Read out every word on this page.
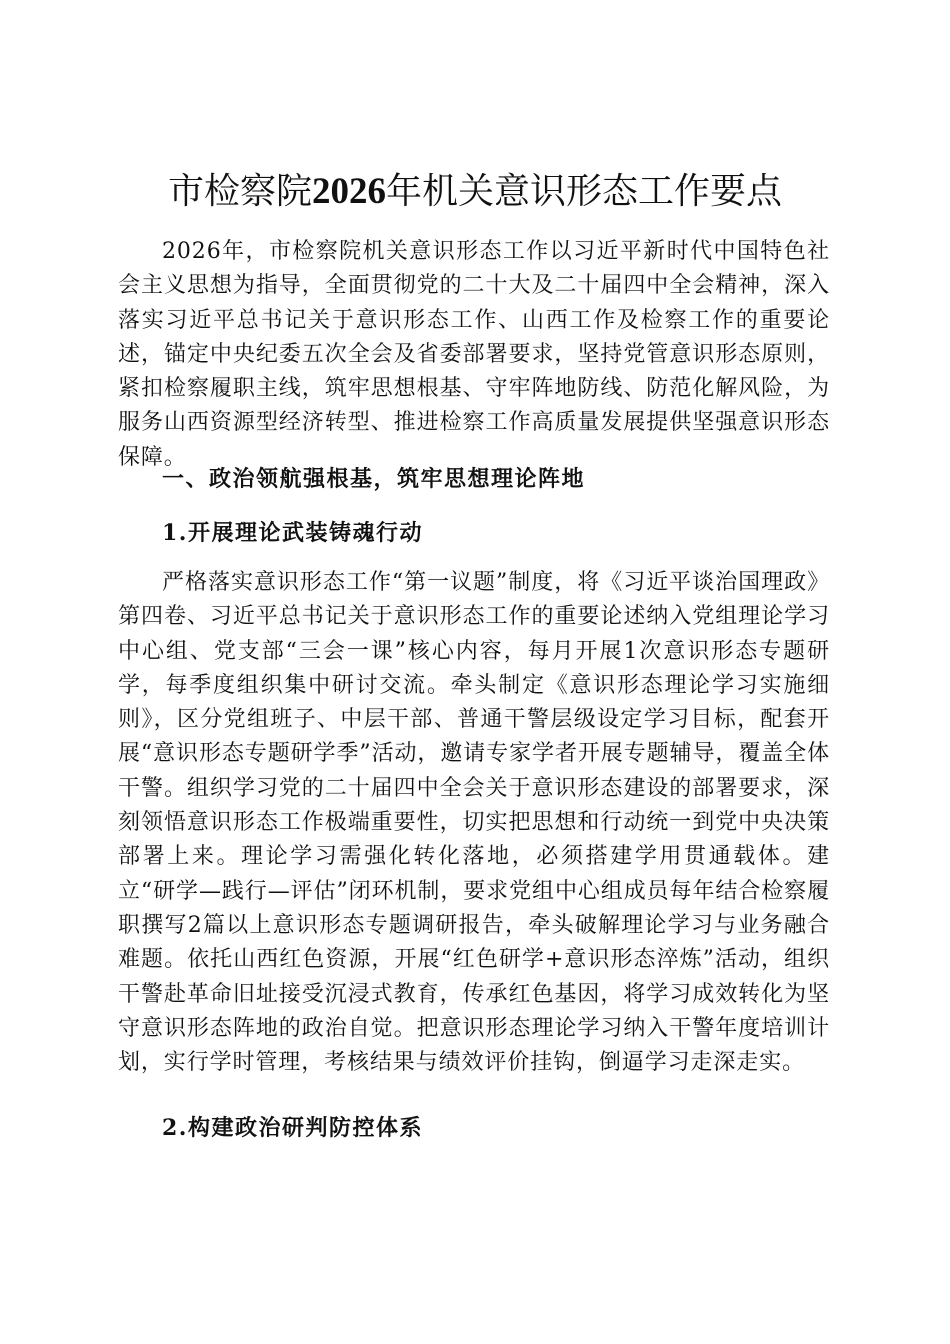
市检察院2026年机关意识形态工作要点

2026年，市检察院机关意识形态工作以习近平新时代中国特色社会主义思想为指导，全面贯彻党的二十大及二十届四中全会精神，深入落实习近平总书记关于意识形态工作、山西工作及检察工作的重要论述，锚定中央纪委五次全会及省委部署要求，坚持党管意识形态原则，紧扣检察履职主线，筑牢思想根基、守牢阵地防线、防范化解风险，为服务山西资源型经济转型、推进检察工作高质量发展提供坚强意识形态保障。

一、政治领航强根基，筑牢思想理论阵地
1.开展理论武装铸魂行动

严格落实意识形态工作“第一议题”制度，将《习近平谈治国理政》第四卷、习近平总书记关于意识形态工作的重要论述纳入党组理论学习中心组、党支部“三会一课”核心内容，每月开展1次意识形态专题研学，每季度组织集中研讨交流。牵头制定《意识形态理论学习实施细则》，区分党组班子、中层干部、普通干警层级设定学习目标，配套开展“意识形态专题研学季”活动，邀请专家学者开展专题辅导，覆盖全体干警。组织学习党的二十届四中全会关于意识形态建设的部署要求，深刻领悟意识形态工作极端重要性，切实把思想和行动统一到党中央决策部署上来。理论学习需强化转化落地，必须搭建学用贯通载体。建立“研学—践行—评估”闭环机制，要求党组中心组成员每年结合检察履职撰写2篇以上意识形态专题调研报告，牵头破解理论学习与业务融合难题。依托山西红色资源，开展“红色研学+意识形态淬炼”活动，组织干警赴革命旧址接受沉浸式教育，传承红色基因，将学习成效转化为坚守意识形态阵地的政治自觉。把意识形态理论学习纳入干警年度培训计划，实行学时管理，考核结果与绩效评价挂钩，倒逼学习走深走实。

2.构建政治研判防控体系
